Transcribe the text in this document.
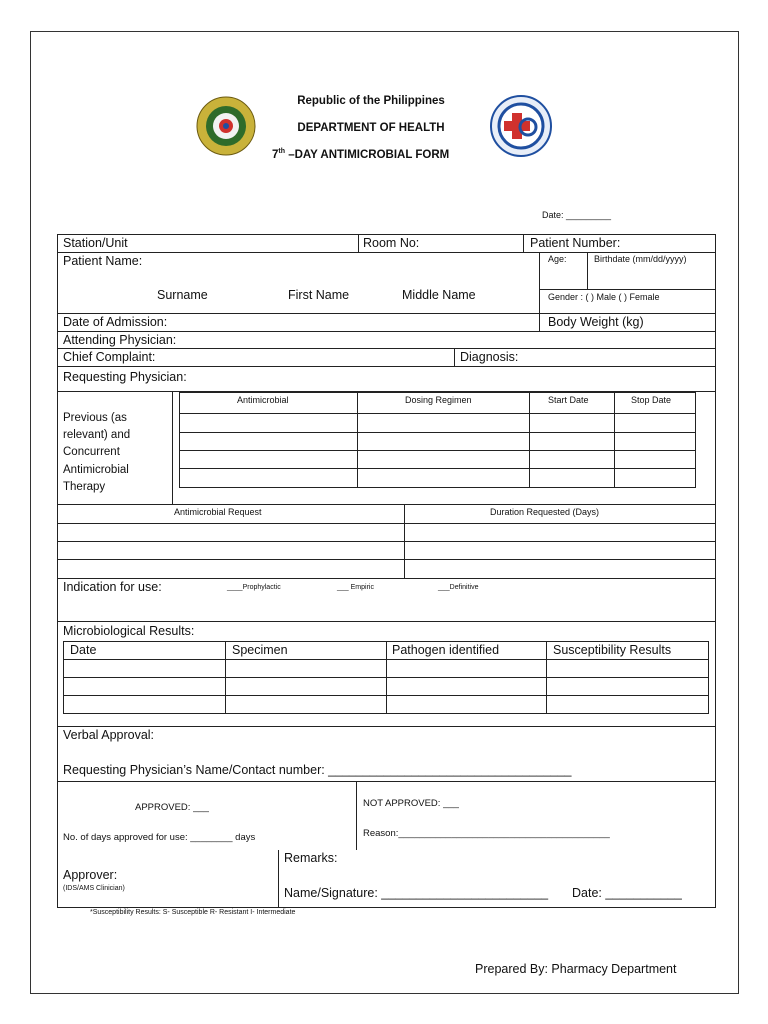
Republic of the Philippines
DEPARTMENT OF HEALTH
7th –DAY ANTIMICROBIAL FORM
Date: _________
Station/Unit	Room No:	Patient Number:
Patient Name:	Age:	Birthdate (mm/dd/yyyy)
Surname	First Name	Middle Name	Gender : ( ) Male ( ) Female
Date of Admission:	Body Weight (kg)
Attending Physician:
Chief Complaint:	Diagnosis:
Requesting Physician:
Antimicrobial	Dosing Regimen	Start Date	Stop Date
Previous (as
relevant) and
Concurrent
Antimicrobial
Therapy
Antimicrobial Request	Duration Requested (Days)
Indication for use:	____Prophylactic	___ Empiric	___Definitive
Microbiological Results:
Date	Specimen	Pathogen identified	Susceptibility Results
Verbal Approval:
Requesting Physician’s Name/Contact number: ___________________________________
APPROVED: ___	NOT APPROVED: ___
No. of days approved for use: ________ days	Reason:________________________________________
Remarks:
Approver:
(IDS/AMS Clinician)	Name/Signature: ________________________ Date: ___________
*Susceptibility Results: S- Susceptible R- Resistant I- Intermediate
Prepared By: Pharmacy Department
